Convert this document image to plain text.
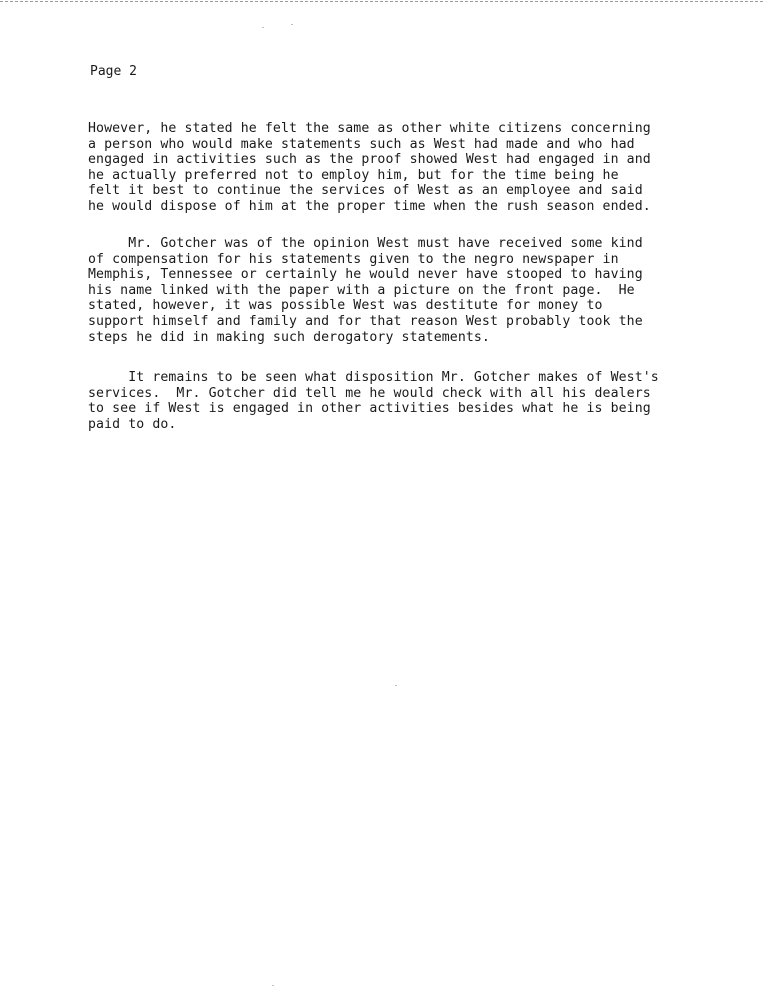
Page 2

However, he stated he felt the same as other white citizens concerning
a person who would make statements such as West had made and who had
engaged in activities such as the proof showed West had engaged in and
he actually preferred not to employ him, but for the time being he
felt it best to continue the services of West as an employee and said
he would dispose of him at the proper time when the rush season ended.

Mr. Gotcher was of the opinion West must have received some kind
of compensation for his statements given to the negro newspaper in
Memphis, Tennessee or certainly he would never have stooped to having
his name linked with the paper with a picture on the front page.  He
stated, however, it was possible West was destitute for money to
support himself and family and for that reason West probably took the
steps he did in making such derogatory statements.

It remains to be seen what disposition Mr. Gotcher makes of West's
services.  Mr. Gotcher did tell me he would check with all his dealers
to see if West is engaged in other activities besides what he is being
paid to do.
